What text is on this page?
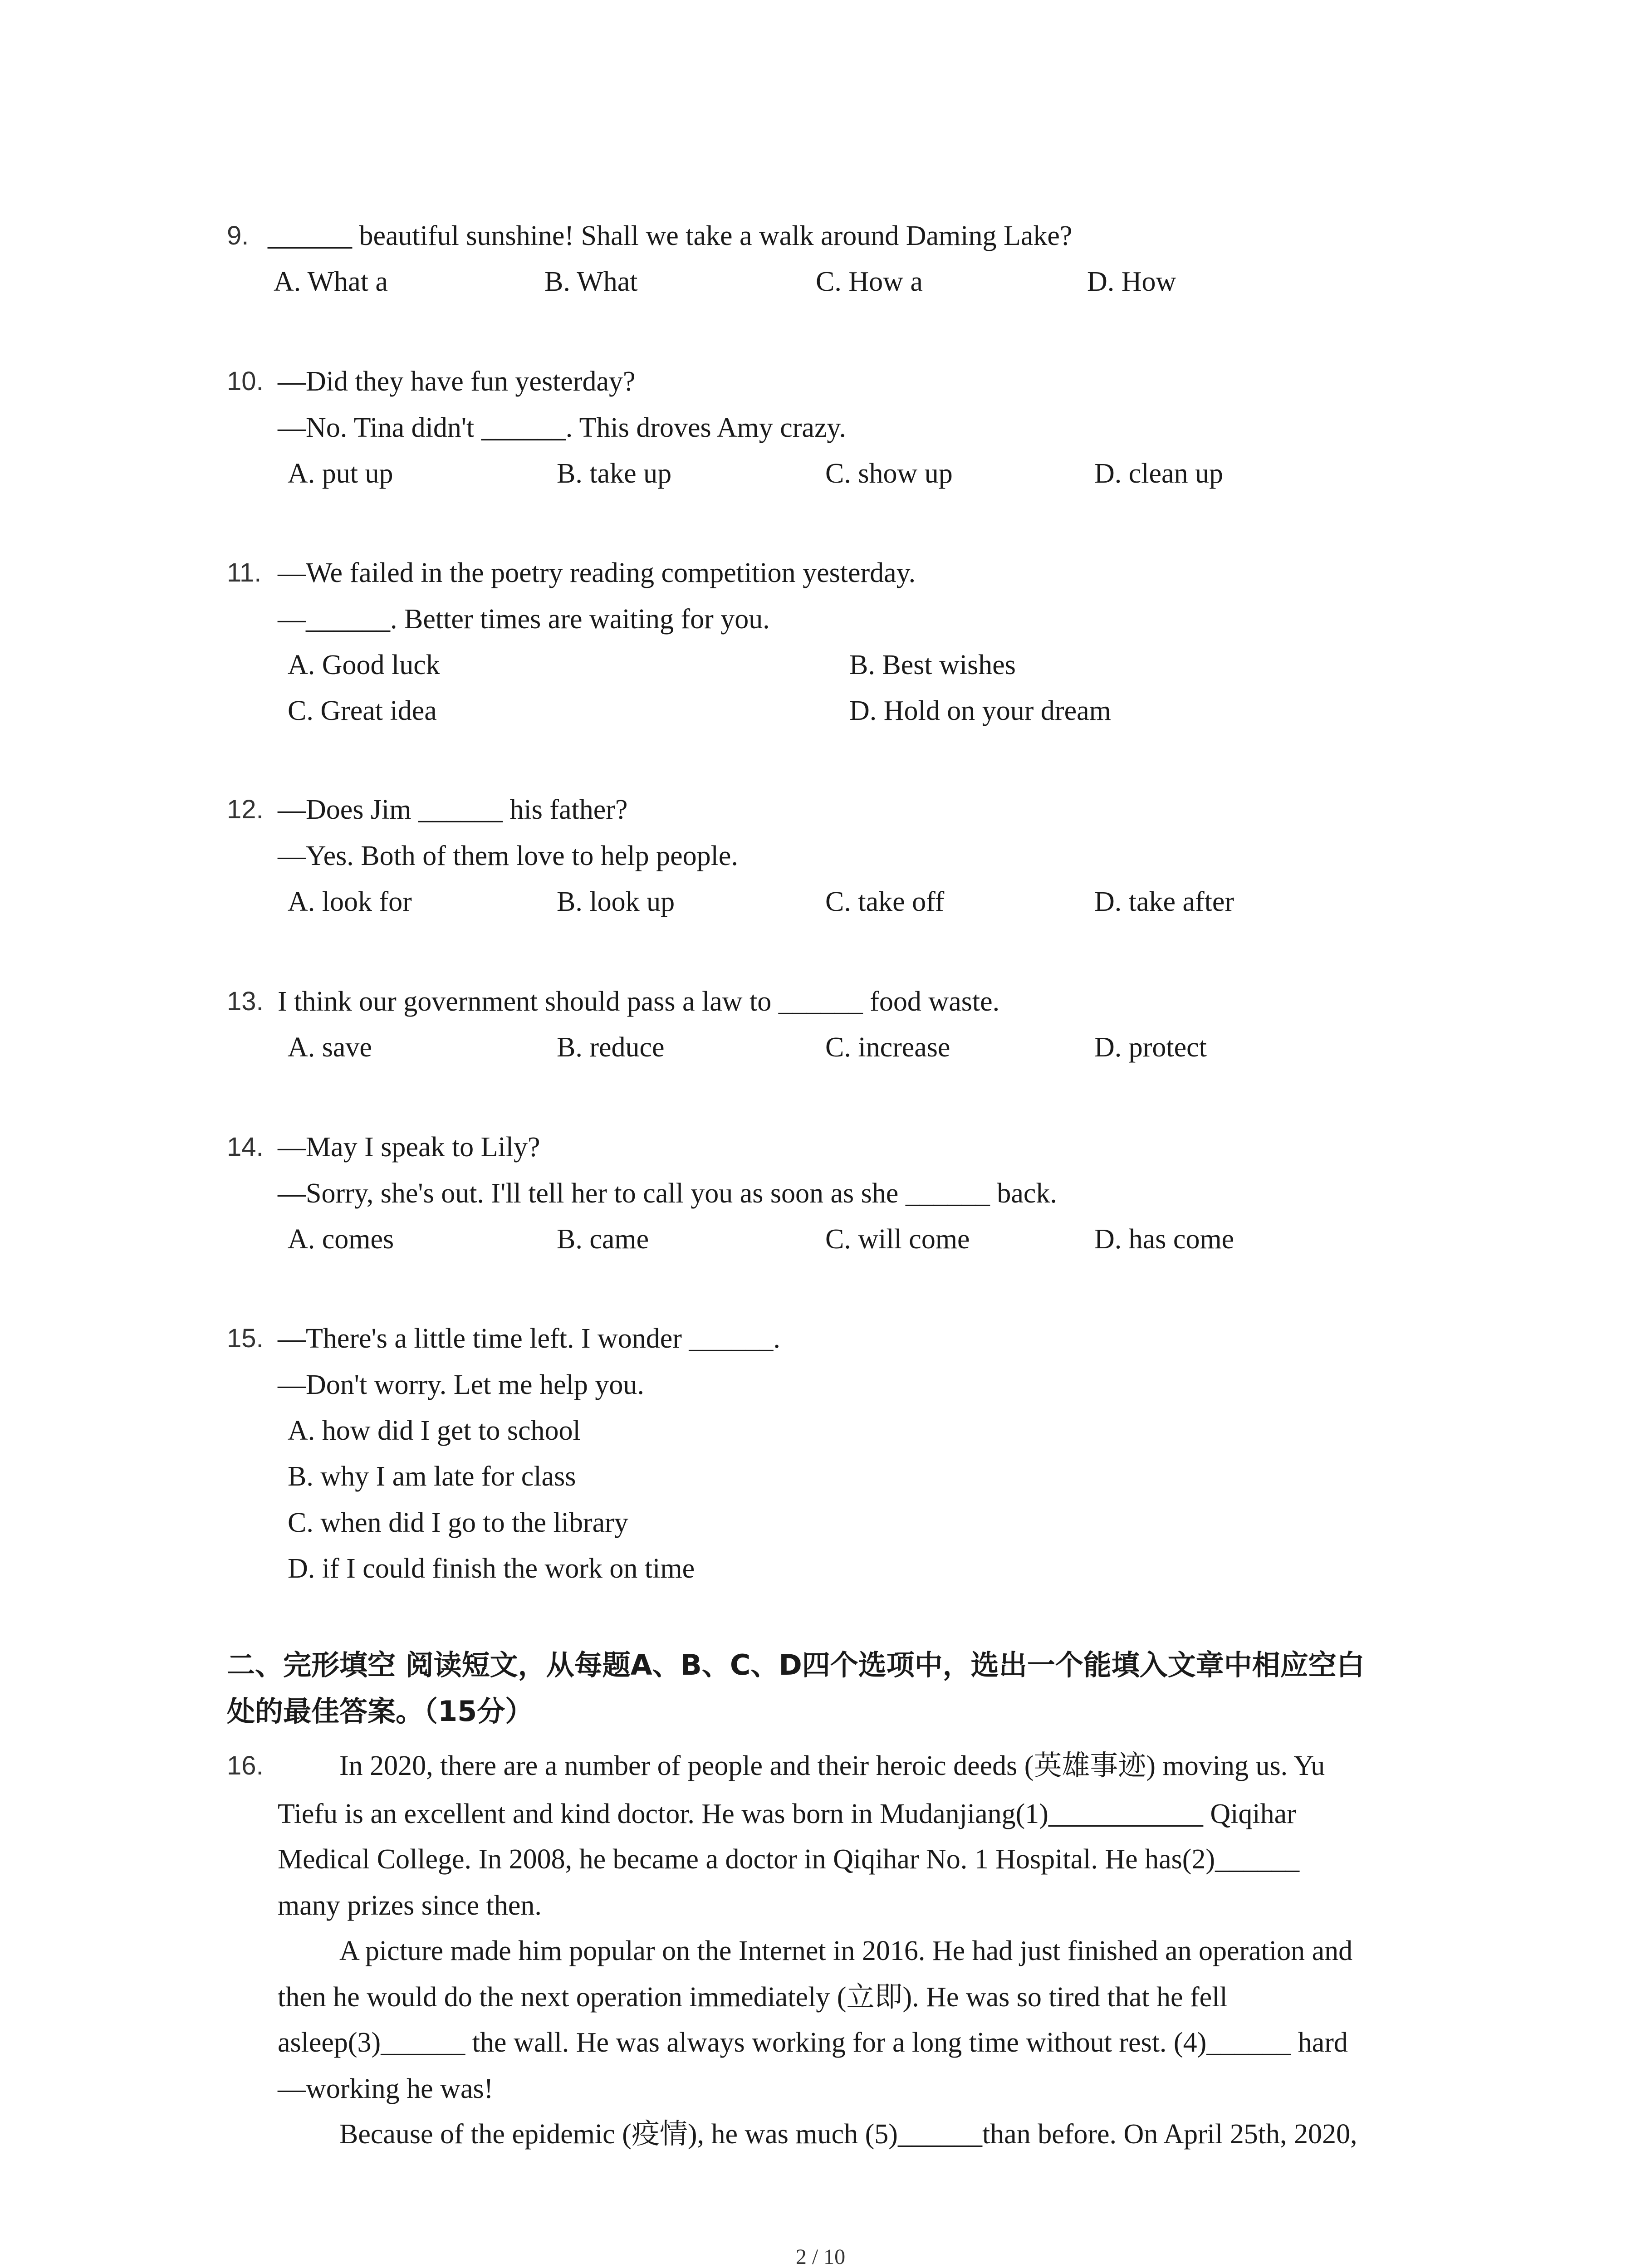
9. ______ beautiful sunshine! Shall we take a walk around Daming Lake?
A. What a	B. What	C. How a	D. How
10. —Did they have fun yesterday?
—No. Tina didn't ______. This droves Amy crazy.
A. put up	B. take up	C. show up	D. clean up
11. —We failed in the poetry reading competition yesterday.
—______. Better times are waiting for you.
A. Good luck	B. Best wishes
C. Great idea	D. Hold on your dream
12. —Does Jim ______ his father?
—Yes. Both of them love to help people.
A. look for	B. look up	C. take off	D. take after
13. I think our government should pass a law to ______ food waste.
A. save	B. reduce	C. increase	D. protect
14. —May I speak to Lily?
—Sorry, she's out. I'll tell her to call you as soon as she ______ back.
A. comes	B. came	C. will come	D. has come
15. —There's a little time left. I wonder ______.
—Don't worry. Let me help you.
A. how did I get to school
B. why I am late for class
C. when did I go to the library
D. if I could finish the work on time
二、完形填空 阅读短文，从每题A、B、C、D四个选项中，选出一个能填入文章中相应空白
处的最佳答案。（15分）
16.	In 2020, there are a number of people and their heroic deeds (英雄事迹) moving us. Yu
Tiefu is an excellent and kind doctor. He was born in Mudanjiang(1)___________ Qiqihar
Medical College. In 2008, he became a doctor in Qiqihar No. 1 Hospital. He has(2)______
many prizes since then.
A picture made him popular on the Internet in 2016. He had just finished an operation and
then he would do the next operation immediately (立即). He was so tired that he fell
asleep(3)______ the wall. He was always working for a long time without rest. (4)______ hard
—working he was!
Because of the epidemic (疫情), he was much (5)______than before. On April 25th, 2020,
2 / 10
